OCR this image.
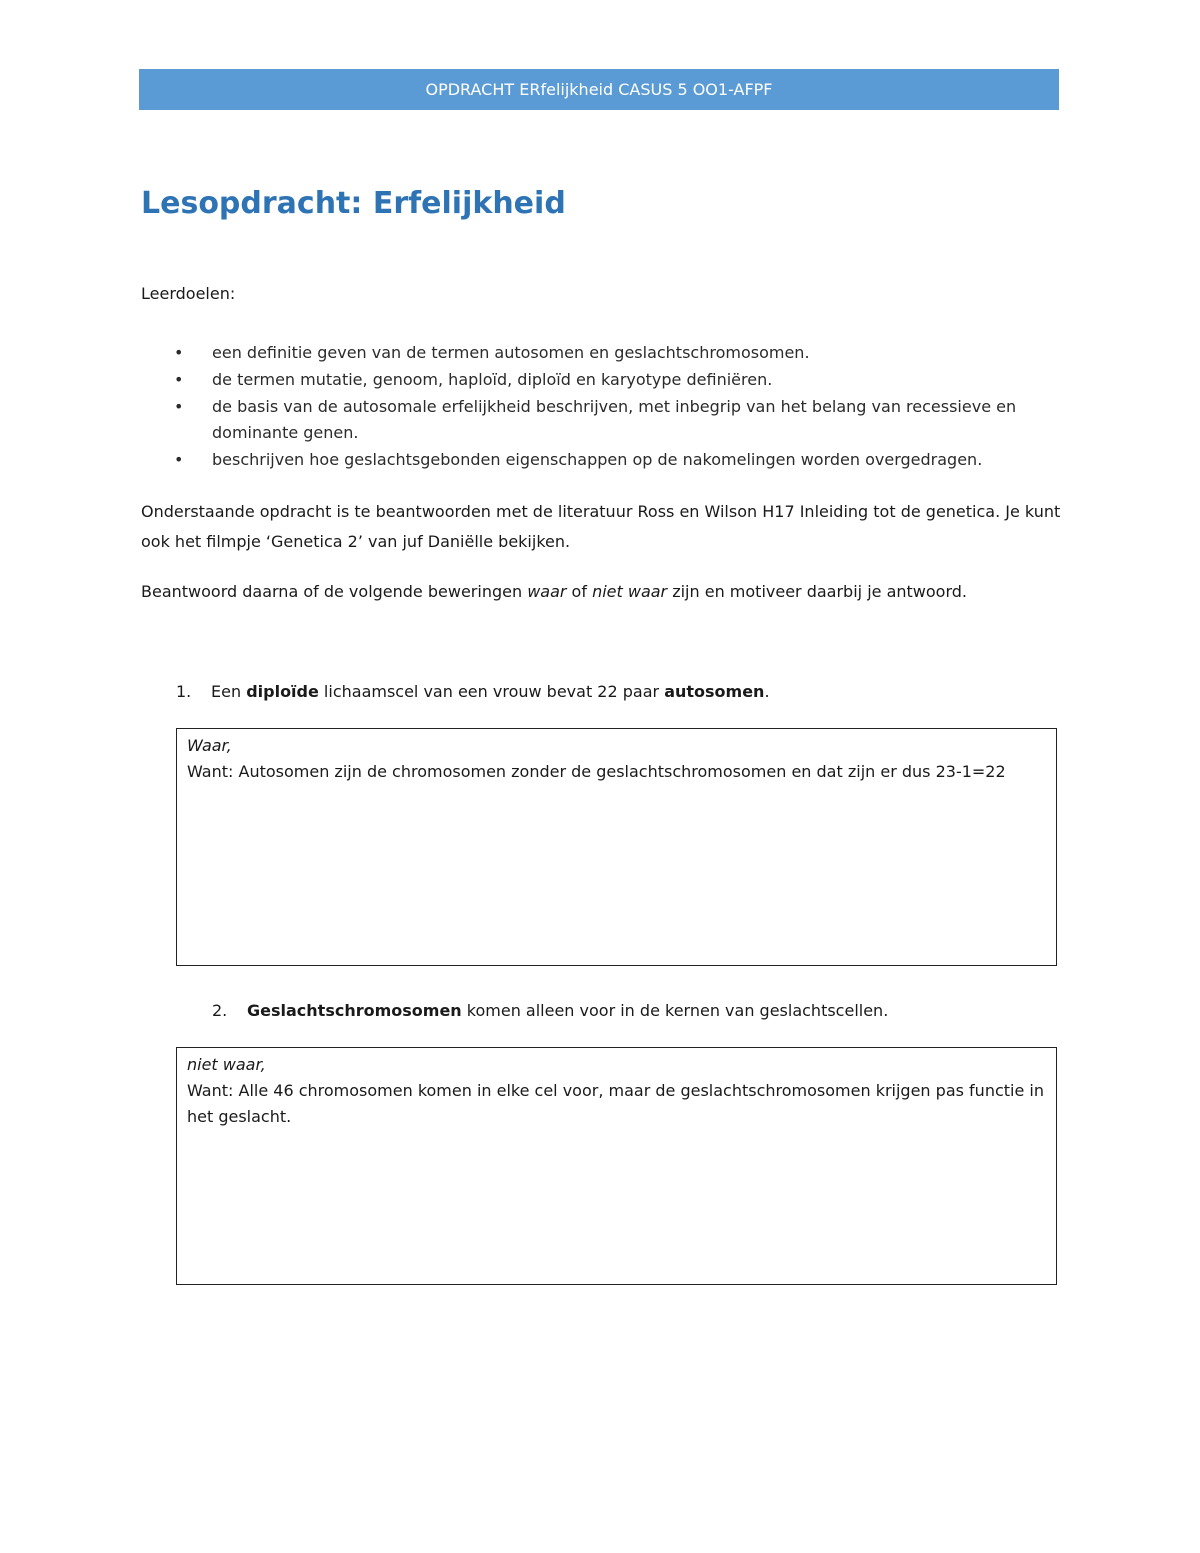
OPDRACHT ERfelijkheid CASUS 5 OO1-AFPF
Lesopdracht: Erfelijkheid
Leerdoelen:
• een definitie geven van de termen autosomen en geslachtschromosomen.
• de termen mutatie, genoom, haploïd, diploïd en karyotype definiëren.
• de basis van de autosomale erfelijkheid beschrijven, met inbegrip van het belang van recessieve en dominante genen.
• beschrijven hoe geslachtsgebonden eigenschappen op de nakomelingen worden overgedragen.

Onderstaande opdracht is te beantwoorden met de literatuur Ross en Wilson H17 Inleiding tot de genetica. Je kunt ook het filmpje ‘Genetica 2’ van juf Daniëlle bekijken.

Beantwoord daarna of de volgende beweringen waar of niet waar zijn en motiveer daarbij je antwoord.

1. Een diploïde lichaamscel van een vrouw bevat 22 paar autosomen.
Waar,
Want: Autosomen zijn de chromosomen zonder de geslachtschromosomen en dat zijn er dus 23-1=22
2. Geslachtschromosomen komen alleen voor in de kernen van geslachtscellen.
niet waar,
Want: Alle 46 chromosomen komen in elke cel voor, maar de geslachtschromosomen krijgen pas functie in het geslacht.
